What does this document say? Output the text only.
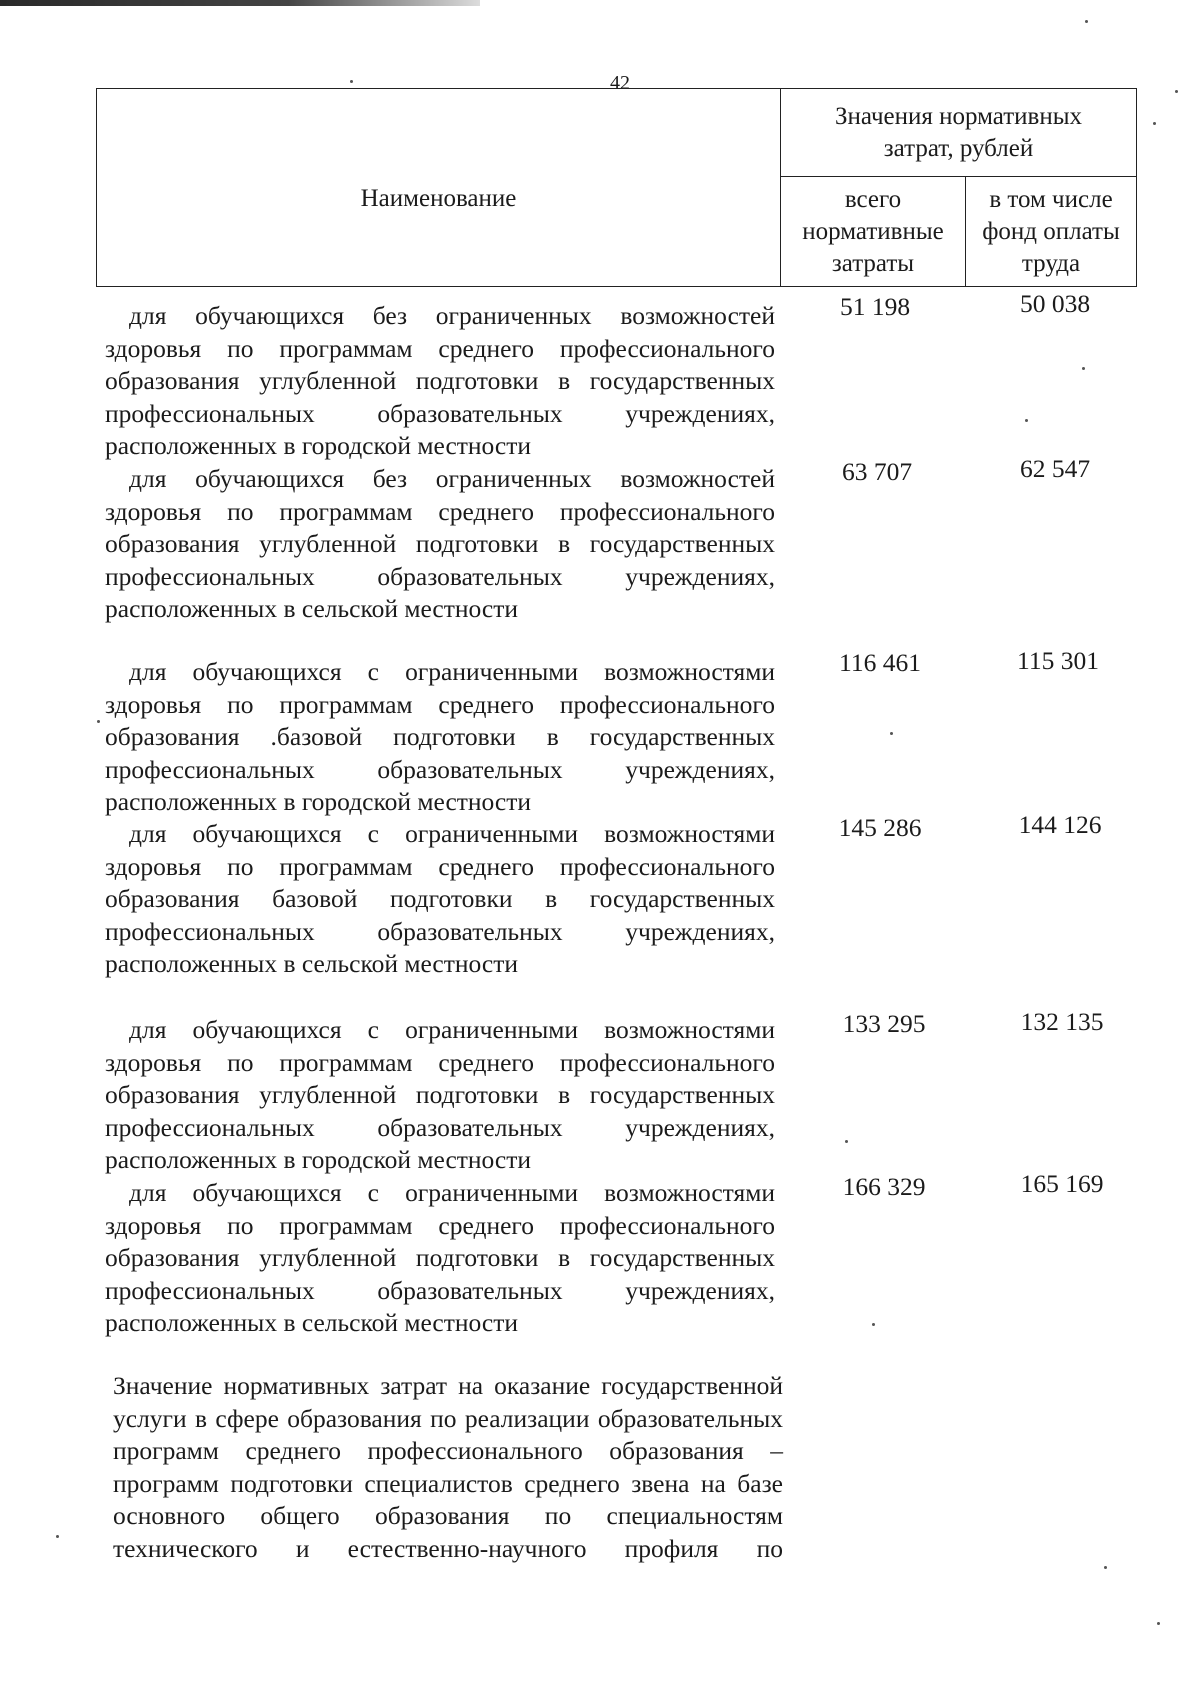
42
Наименование	Значения нормативных затрат, рублей	
	всего нормативные затраты	в том числе фонд оплаты труда
для обучающихся без ограниченных возможностей здоровья по программам среднего профессионального образования углубленной подготовки в государственных профессиональных образовательных учреждениях, расположенных в городской местности
51 198	50 038
для обучающихся без ограниченных возможностей здоровья по программам среднего профессионального образования углубленной подготовки в государственных профессиональных образовательных учреждениях, расположенных в сельской местности
63 707	62 547
для обучающихся с ограниченными возможностями здоровья по программам среднего профессионального образования .базовой подготовки в государственных профессиональных образовательных учреждениях, расположенных в городской местности
116 461	115 301
для обучающихся с ограниченными возможностями здоровья по программам среднего профессионального образования базовой подготовки в государственных профессиональных образовательных учреждениях, расположенных в сельской местности
145 286	144 126
для обучающихся с ограниченными возможностями здоровья по программам среднего профессионального образования углубленной подготовки в государственных профессиональных образовательных учреждениях, расположенных в городской местности
133 295	132 135
для обучающихся с ограниченными возможностями здоровья по программам среднего профессионального образования углубленной подготовки в государственных профессиональных образовательных учреждениях, расположенных в сельской местности
166 329	165 169
Значение нормативных затрат на оказание государственной услуги в сфере образования по реализации образовательных программ среднего профессионального образования – программ подготовки специалистов среднего звена на базе основного общего образования по специальностям технического и естественно-научного профиля по
